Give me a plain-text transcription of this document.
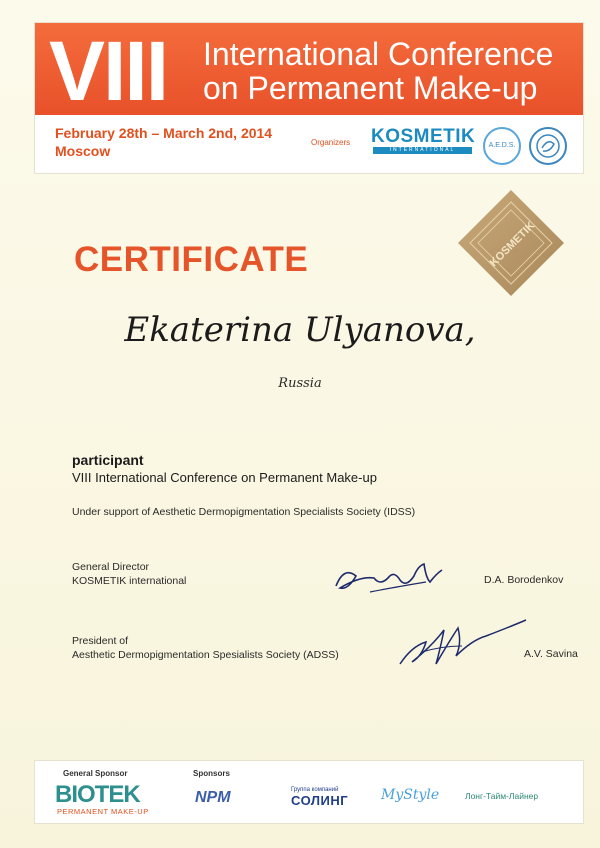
VIII International Conference
on Permanent Make-up
February 28th – March 2nd, 2014
Moscow
Organizers KOSMETIK
INTERNATIONAL
A.E.D.S.
KOSMETIK
CERTIFICATE
Ekaterina Ulyanova,
Russia
participant
VIII International Conference on Permanent Make-up
Under support of Aesthetic Dermopigmentation Specialists Society (IDSS)
General Director
KOSMETIK international	D.A. Borodenkov
President of
Aesthetic Dermopigmentation Spesialists Society (ADSS)	A.V. Savina
General Sponsor	Sponsors
BIOTEK
PERMANENT MAKE-UP
NPM	Группа компаний
СОЛИНГ	MyStyle	Лонг-Тайм-Лайнер
